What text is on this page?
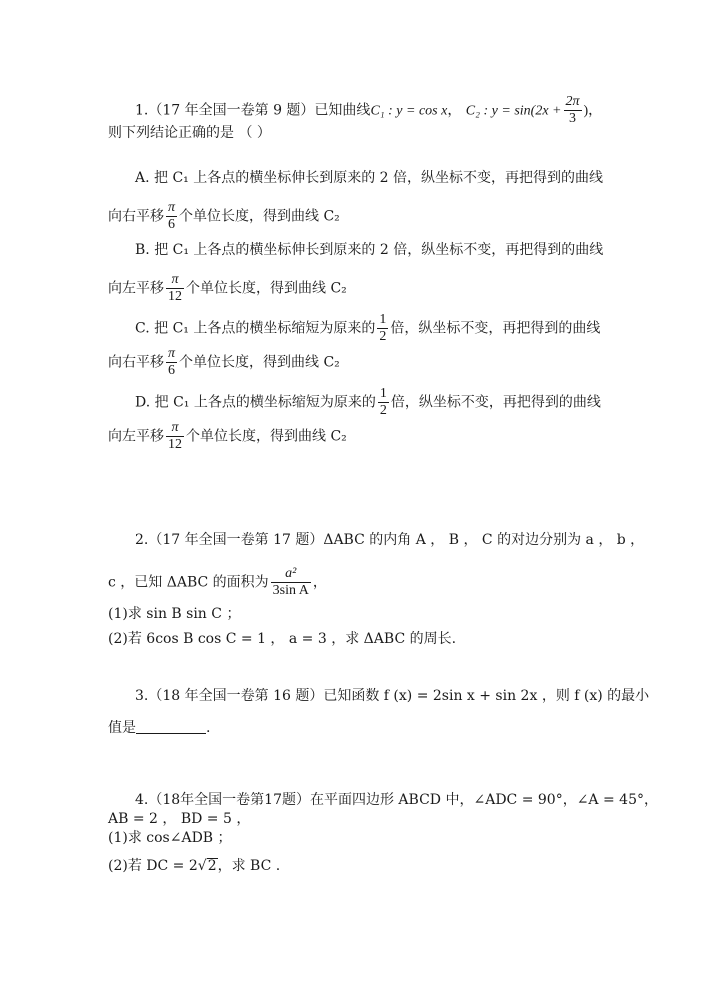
1.（17 年全国一卷第 9 题）已知曲线C₁ : y = cos x， C₂ : $y = \sin(2x + \frac{2\pi}{3}$ )，
则下列结论正确的是 （ ）
A. 把 C₁ 上各点的横坐标伸长到原来的 2 倍，纵坐标不变，再把得到的曲线
向右平移 $\frac{\pi}{6}$ 个单位长度，得到曲线 C₂
B. 把 C₁ 上各点的横坐标伸长到原来的 2 倍，纵坐标不变，再把得到的曲线
向左平移 $\frac{\pi}{12}$ 个单位长度，得到曲线 C₂
C. 把 C₁ 上各点的横坐标缩短为原来的 $\frac{1}{2}$ 倍，纵坐标不变，再把得到的曲线
向右平移 $\frac{\pi}{6}$ 个单位长度，得到曲线 C₂
D. 把 C₁ 上各点的横坐标缩短为原来的 $\frac{1}{2}$ 倍，纵坐标不变，再把得到的曲线
向左平移 $\frac{\pi}{12}$ 个单位长度，得到曲线 C₂
2.（17 年全国一卷第 17 题）ΔABC 的内角 A ， B ， C 的对边分别为 a ， b ，
c ，已知 ΔABC 的面积为 $\frac{\text{a²}}{\text{3sin A}}$ ，
(1)求 sin B sin C ；
(2)若 6cos B cos C = 1 ， a = 3 ，求 ΔABC 的周长.
3.（18 年全国一卷第 16 题）已知函数 f (x) = 2sin x + sin 2x ，则 f (x) 的最小
值是	.
4.（18年全国一卷第17题）在平面四边形 ABCD 中，∠ADC = 90°，∠A = 45°，
AB = 2 ， BD = 5 ，
(1)求 cos∠ADB ；
(2)若 DC = 2√2，求 BC .
